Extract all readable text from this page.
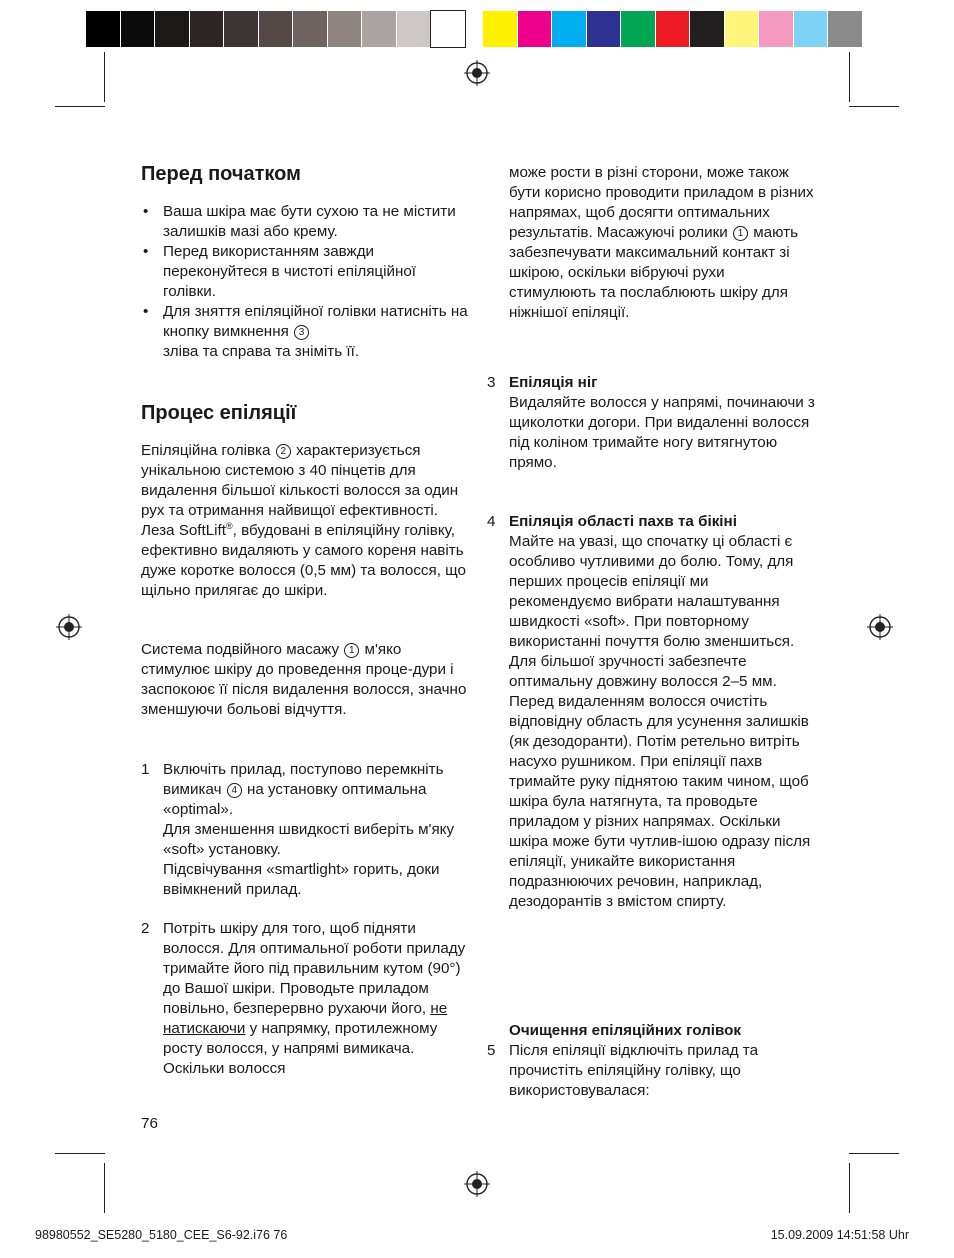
Перед початком
• Ваша шкіра має бути сухою та не містити залишків мазі або крему.
• Перед використанням завжди переконуйтеся в чистоті епіляційної голівки.
• Для зняття епіляційної голівки натисніть на кнопку вимкнення 3
зліва та справа та зніміть її.
Процес епіляції

Епіляційна голівка 2 характеризується унікальною системою з 40 пінцетів для видалення більшої кількості волосся за один рух та отримання найвищої ефективності. Леза SoftLift®, вбудовані в епіляційну голівку, ефективно видаляють у самого кореня навіть дуже коротке волосся (0,5 мм) та волосся, що щільно прилягає до шкіри.

Система подвійного масажу 1 м'яко стимулює шкіру до проведення проце-дури і заспокоює її після видалення волосся, значно зменшуючи больові відчуття.

1 Включіть прилад, поступово перемкніть вимикач 4 на установку оптимальна «optimal».
Для зменшення швидкості виберіть м'яку «soft» установку.
Підсвічування «smartlight» горить, доки ввімкнений прилад.
2 Потріть шкіру для того, щоб підняти волосся. Для оптимальної роботи приладу тримайте його під правильним кутом (90°) до Вашої шкіри. Проводьте приладом повільно, безперервно рухаючи його, не натискаючи у напрямку, протилежному росту волосся, у напрямі вимикача. Оскільки волосся
76

може рости в різні сторони, може також бути корисно проводити приладом в різних напрямах, щоб досягти оптимальних результатів. Масажуючі ролики 1 мають забезпечувати максимальний контакт зі шкірою, оскільки вібруючі рухи стимулюють та послаблюють шкіру для ніжнішої епіляції.

3 Епіляція ніг
Видаляйте волосся у напрямі, починаючи з щиколотки догори. При видаленні волосся під коліном тримайте ногу витягнутою прямо.
4 Епіляція області пахв та бікіні
Майте на увазі, що спочатку ці області є особливо чутливими до болю. Тому, для перших процесів епіляції ми рекомендуємо вибрати налаштування швидкості «soft». При повторному використанні почуття болю зменшиться. Для більшої зручності забезпечте оптимальну довжину волосся 2–5 мм.
Перед видаленням волосся очистіть відповідну область для усунення залишків (як дезодоранти). Потім ретельно витріть насухо рушником. При епіляції пахв тримайте руку піднятою таким чином, щоб шкіра була натягнута, та проводьте приладом у різних напрямах. Оскільки шкіра може бути чутлив-ішою одразу після епіляції, уникайте використання подразнюючих речовин, наприклад, дезодорантів з вмістом спирту.
Очищення епіляційних голівок
5 Після епіляції відключіть прилад та прочистіть епіляційну голівку, що використовувалася:
98980552_SE5280_5180_CEE_S6-92.i76 76	15.09.2009 14:51:58 Uhr
